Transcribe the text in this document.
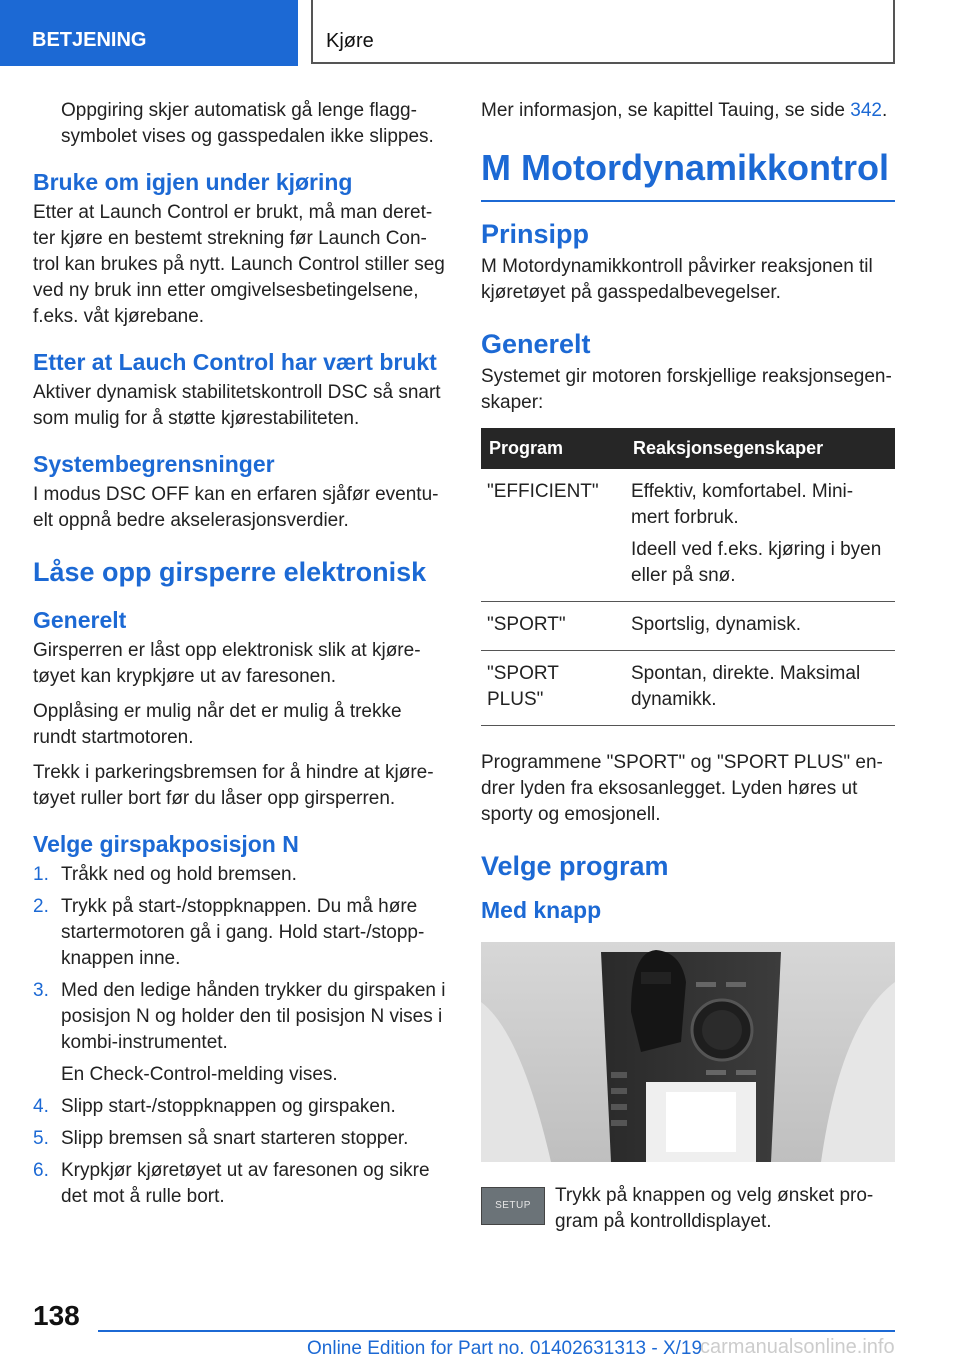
BETJENING	Kjøre

Oppgiring skjer automatisk gå lenge flagg-symbolet vises og gasspedalen ikke slippes.

Bruke om igjen under kjøring

Etter at Launch Control er brukt, må man deret-ter kjøre en bestemt strekning før Launch Con-trol kan brukes på nytt. Launch Control stiller seg ved ny bruk inn etter omgivelsesbetingelsene, f.eks. våt kjørebane.

Etter at Lauch Control har vært brukt

Aktiver dynamisk stabilitetskontroll DSC så snart som mulig for å støtte kjørestabiliteten.

Systembegrensninger

I modus DSC OFF kan en erfaren sjåfør eventu-elt oppnå bedre akselerasjonsverdier.

Låse opp girsperre elektronisk
Generelt

Girsperren er låst opp elektronisk slik at kjøre-tøyet kan krypkjøre ut av faresonen.

Opplåsing er mulig når det er mulig å trekke rundt startmotoren.

Trekk i parkeringsbremsen for å hindre at kjøre-tøyet ruller bort før du låser opp girsperren.

Velge girspakposisjon N
1. Tråkk ned og hold bremsen.
2. Trykk på start-/stoppknappen. Du må høre startermotoren gå i gang. Hold start-/stopp-knappen inne.
3. Med den ledige hånden trykker du girspaken i posisjon N og holder den til posisjon N vises i kombi-instrumentet.
En Check-Control-melding vises.
4. Slipp start-/stoppknappen og girspaken.
5. Slipp bremsen så snart starteren stopper.
6. Krypkjør kjøretøyet ut av faresonen og sikre det mot å rulle bort.

Mer informasjon, se kapittel Tauing, se side 342.

M Motordynamikkontrol
Prinsipp

M Motordynamikkontroll påvirker reaksjonen til kjøretøyet på gasspedalbevegelser.

Generelt

Systemet gir motoren forskjellige reaksjonsegen-skaper:

Program	Reaksjonsegenskaper
"EFFICIENT"	Effektiv, komfortabel. Mini-mert forbruk.
Ideell ved f.eks. kjøring i byen eller på snø.

"SPORT"	Sportslig, dynamisk.
"SPORT PLUS"	Spontan, direkte. Maksimal dynamikk.

Programmene "SPORT" og "SPORT PLUS" en-drer lyden fra eksosanlegget. Lyden høres ut sporty og emosjonell.

Velge program
Med knapp
SETUP	Trykk på knappen og velg ønsket pro-gram på kontrolldisplayet.

138
Online Edition for Part no. 01402631313 - X/19
carmanualsonline.info
